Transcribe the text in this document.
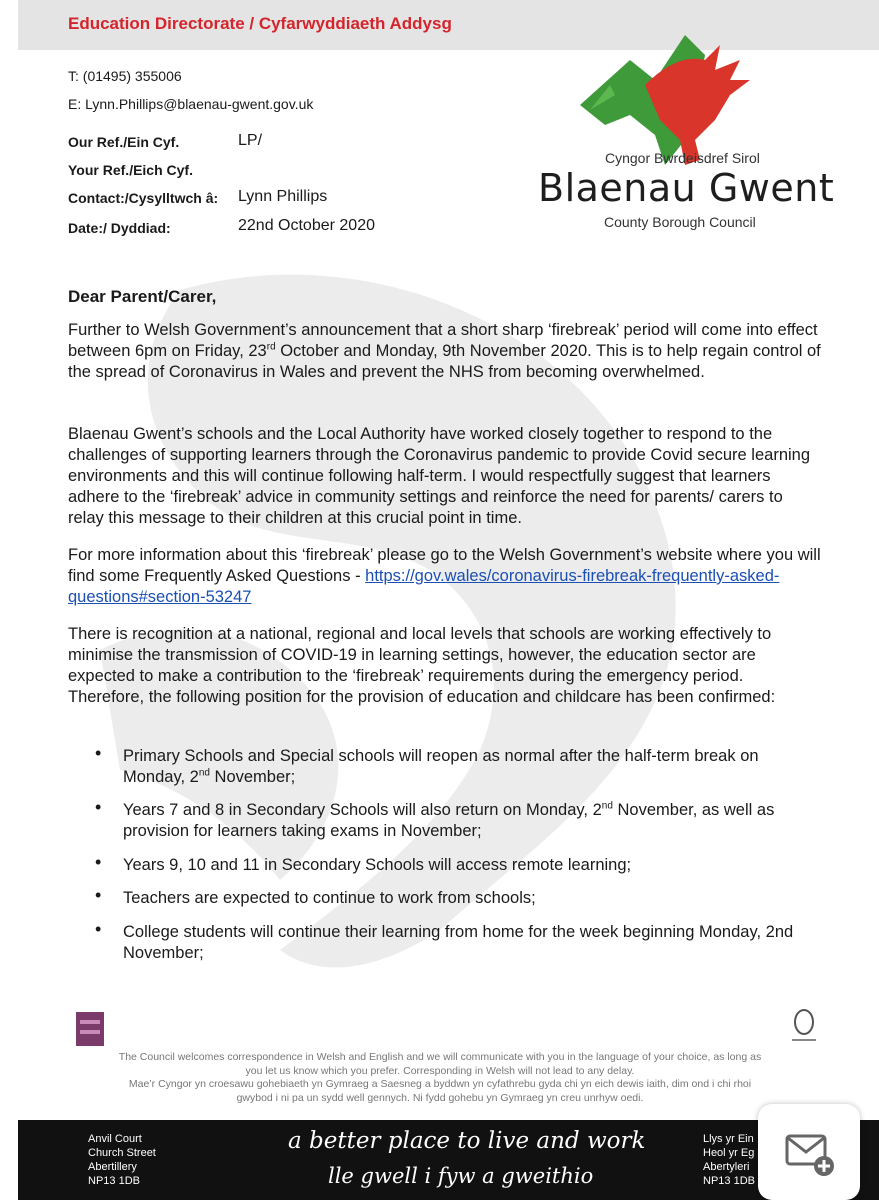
Education Directorate / Cyfarwyddiaeth Addysg
T: (01495) 355006
E: Lynn.Phillips@blaenau-gwent.gov.uk
Our Ref./Ein Cyf.	LP/
Your Ref./Eich Cyf.
Contact:/Cysylltwch â: Lynn Phillips
Date:/ Dyddiad:	22nd October 2020
Cyngor Bwrdeisdref Sirol
Blaenau Gwent
County Borough Council
Dear Parent/Carer,
Further to Welsh Government’s announcement that a short sharp ‘firebreak’ period will come into effect between 6pm on Friday, 23rd October and Monday, 9th November 2020. This is to help regain control of the spread of Coronavirus in Wales and prevent the NHS from becoming overwhelmed.
Blaenau Gwent’s schools and the Local Authority have worked closely together to respond to the challenges of supporting learners through the Coronavirus pandemic to provide Covid secure learning environments and this will continue following half-term. I would respectfully suggest that learners adhere to the ‘firebreak’ advice in community settings and reinforce the need for parents/ carers to relay this message to their children at this crucial point in time.
For more information about this ‘firebreak’ please go to the Welsh Government’s website where you will find some Frequently Asked Questions - https://gov.wales/coronavirus-firebreak-frequently-asked-questions#section-53247
There is recognition at a national, regional and local levels that schools are working effectively to minimise the transmission of COVID-19 in learning settings, however, the education sector are expected to make a contribution to the ‘firebreak’ requirements during the emergency period. Therefore, the following position for the provision of education and childcare has been confirmed:
• Primary Schools and Special schools will reopen as normal after the half-term break on Monday, 2nd November;
• Years 7 and 8 in Secondary Schools will also return on Monday, 2nd November, as well as provision for learners taking exams in November;
• Years 9, 10 and 11 in Secondary Schools will access remote learning;
• Teachers are expected to continue to work from schools;
• College students will continue their learning from home for the week beginning Monday, 2nd November;
The Council welcomes correspondence in Welsh and English and we will communicate with you in the language of your choice, as long as you let us know which you prefer. Corresponding in Welsh will not lead to any delay.
Mae’r Cyngor yn croesawu gohebiaeth yn Gymraeg a Saesneg a byddwn yn cyfathrebu gyda chi yn eich dewis iaith, dim ond i chi rhoi gwybod i ni pa un sydd well gennych. Ni fydd gohebu yn Gymraeg yn creu unrhyw oedi.
Anvil Court
Church Street
Abertillery
NP13 1DB
a better place to live and work
lle gwell i fyw a gweithio
Llys yr Ein
Heol yr Eg
Abertyleri
NP13 1DB
